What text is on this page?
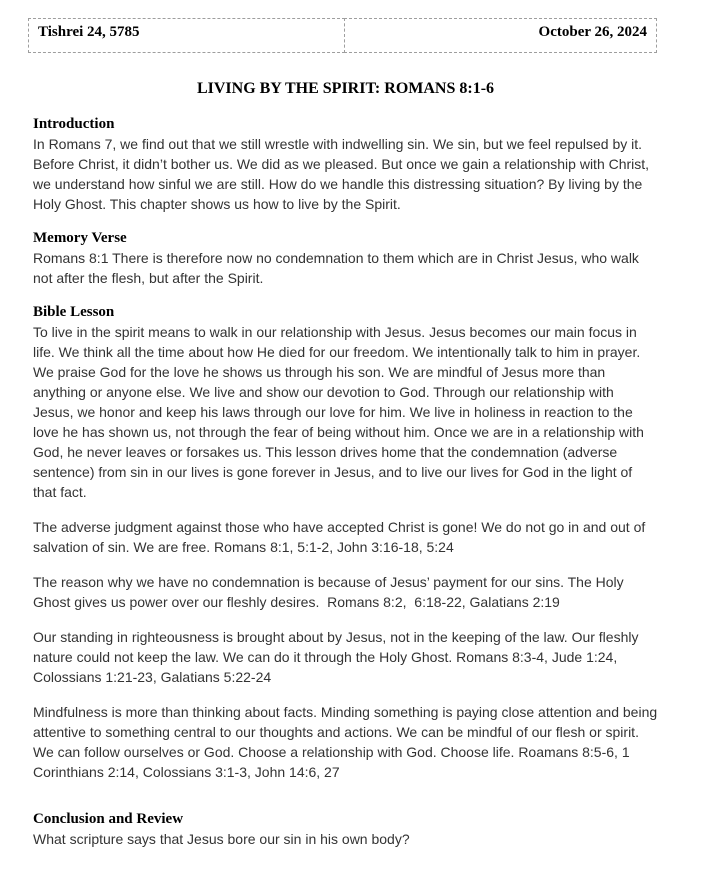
Tishrei 24, 5785	October 26, 2024
LIVING BY THE SPIRIT: ROMANS 8:1-6
Introduction

In Romans 7, we find out that we still wrestle with indwelling sin. We sin, but we feel repulsed by it. Before Christ, it didn’t bother us. We did as we pleased. But once we gain a relationship with Christ, we understand how sinful we are still. How do we handle this distressing situation? By living by the Holy Ghost. This chapter shows us how to live by the Spirit.

Memory Verse

Romans 8:1 There is therefore now no condemnation to them which are in Christ Jesus, who walk not after the flesh, but after the Spirit.

Bible Lesson

To live in the spirit means to walk in our relationship with Jesus. Jesus becomes our main focus in life. We think all the time about how He died for our freedom. We intentionally talk to him in prayer. We praise God for the love he shows us through his son. We are mindful of Jesus more than anything or anyone else. We live and show our devotion to God. Through our relationship with Jesus, we honor and keep his laws through our love for him. We live in holiness in reaction to the love he has shown us, not through the fear of being without him. Once we are in a relationship with God, he never leaves or forsakes us. This lesson drives home that the condemnation (adverse sentence) from sin in our lives is gone forever in Jesus, and to live our lives for God in the light of that fact.

The adverse judgment against those who have accepted Christ is gone! We do not go in and out of salvation of sin. We are free. Romans 8:1, 5:1-2, John 3:16-18, 5:24

The reason why we have no condemnation is because of Jesus’ payment for our sins. The Holy Ghost gives us power over our fleshly desires.  Romans 8:2,  6:18-22, Galatians 2:19

Our standing in righteousness is brought about by Jesus, not in the keeping of the law. Our fleshly nature could not keep the law. We can do it through the Holy Ghost. Romans 8:3-4, Jude 1:24, Colossians 1:21-23, Galatians 5:22-24

Mindfulness is more than thinking about facts. Minding something is paying close attention and being attentive to something central to our thoughts and actions. We can be mindful of our flesh or spirit. We can follow ourselves or God. Choose a relationship with God. Choose life. Roamans 8:5-6, 1 Corinthians 2:14, Colossians 3:1-3, John 14:6, 27

Conclusion and Review

What scripture says that Jesus bore our sin in his own body?
